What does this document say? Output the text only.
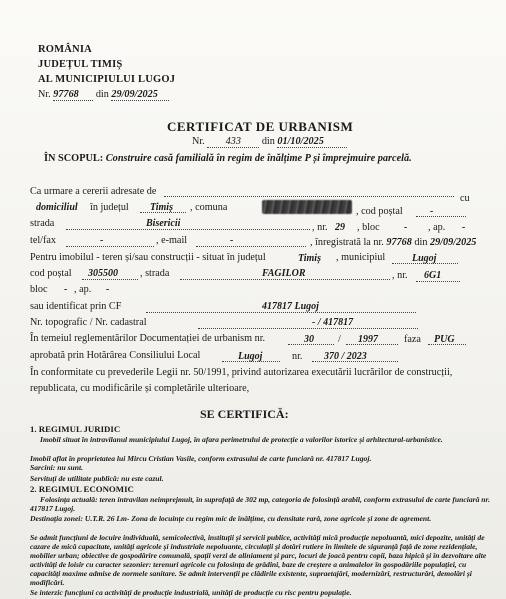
ROMÂNIA
JUDEȚUL TIMIȘ
AL MUNICIPIULUI LUGOJ
Nr. 97768 din 29/09/2025
CERTIFICAT DE URBANISM
Nr. 433 din 01/10/2025
ÎN SCOPUL: Construire casă familială în regim de înălțime P și împrejmuire parcelă.
Ca urmare a cererii adresate de
cu
domiciliul în județul Timiș , comuna	, cod poștal	-
strada	Bisericii	, nr. 29 , bloc - , ap. -
tel/fax	-	, e-mail	-	, înregistrată la nr. 97768 din 29/09/2025
Pentru imobilul - teren și/sau construcții - situat în județul	Timiș , municipiul	Lugoj
cod poștal 305500 , strada	FAGILOR	, nr. 6G1
bloc - , ap. -
sau identificat prin CF	417817 Lugoj
Nr. topografic / Nr. cadastral	- / 417817
În temeiul reglementărilor Documentației de urbanism nr.	30 / 1997	faza PUG
aprobată prin Hotărârea Consiliului Local	Lugoj	nr. 370 / 2023
În conformitate cu prevederile Legii nr. 50/1991, privind autorizarea executării lucrărilor de construcții,
republicata, cu modificările și completările ulterioare,
SE CERTIFICĂ:
1. REGIMUL JURIDIC
Imobil situat în intravilanul municipiului Lugoj, în afara perimetrului de protecție a valorilor istorice și arhitectural-urbanistice.
Imobil aflat în proprietatea lui Mircu Cristian Vasile, conform extrasului de carte funciară nr. 417817 Lugoj.
Sarcini: nu sunt.
Servituți de utilitate publică: nu este cazul.
2. REGIMUL ECONOMIC
Folosința actuală: teren intravilan neimprejmuit, în suprafață de 302 mp, categoria de folosință arabil, conform extrasului de carte funciară nr. 417817 Lugoj.
Destinația zonei: U.T.R. 26 Lm- Zona de locuințe cu regim mic de înălțime, cu densitate rară, zone agricole și zone de agrement.
Se admit funcțiuni de locuire individuală, semicolectivă, instituții și servicii publice, activități mică producție nepoluantă, mici depozite, unități de cazare de mică capacitate, unități agricole și industriale nepoluante, circulații și dotări rutiere în limitele de siguranță față de zone rezidențiale, mobilier urban; obiective de gospodărire comunală, spații verzi de aliniament și parc, locuri de joacă pentru copii, baza hipică și în dezvoltare alte activități de loisir cu caracter sezonier: terenuri agricole cu folosința de grădini, baze de creștere a animalelor în gospodăriile populației, cu capacități maxime admise de normele sanitare. Se admit intervenții pe clădirile existente, supraetajări, modernizări, restructurări, demolări și modificări.
Se interzic funcțiuni ca activități de producție industrială, unități de producție cu risc pentru populație.
